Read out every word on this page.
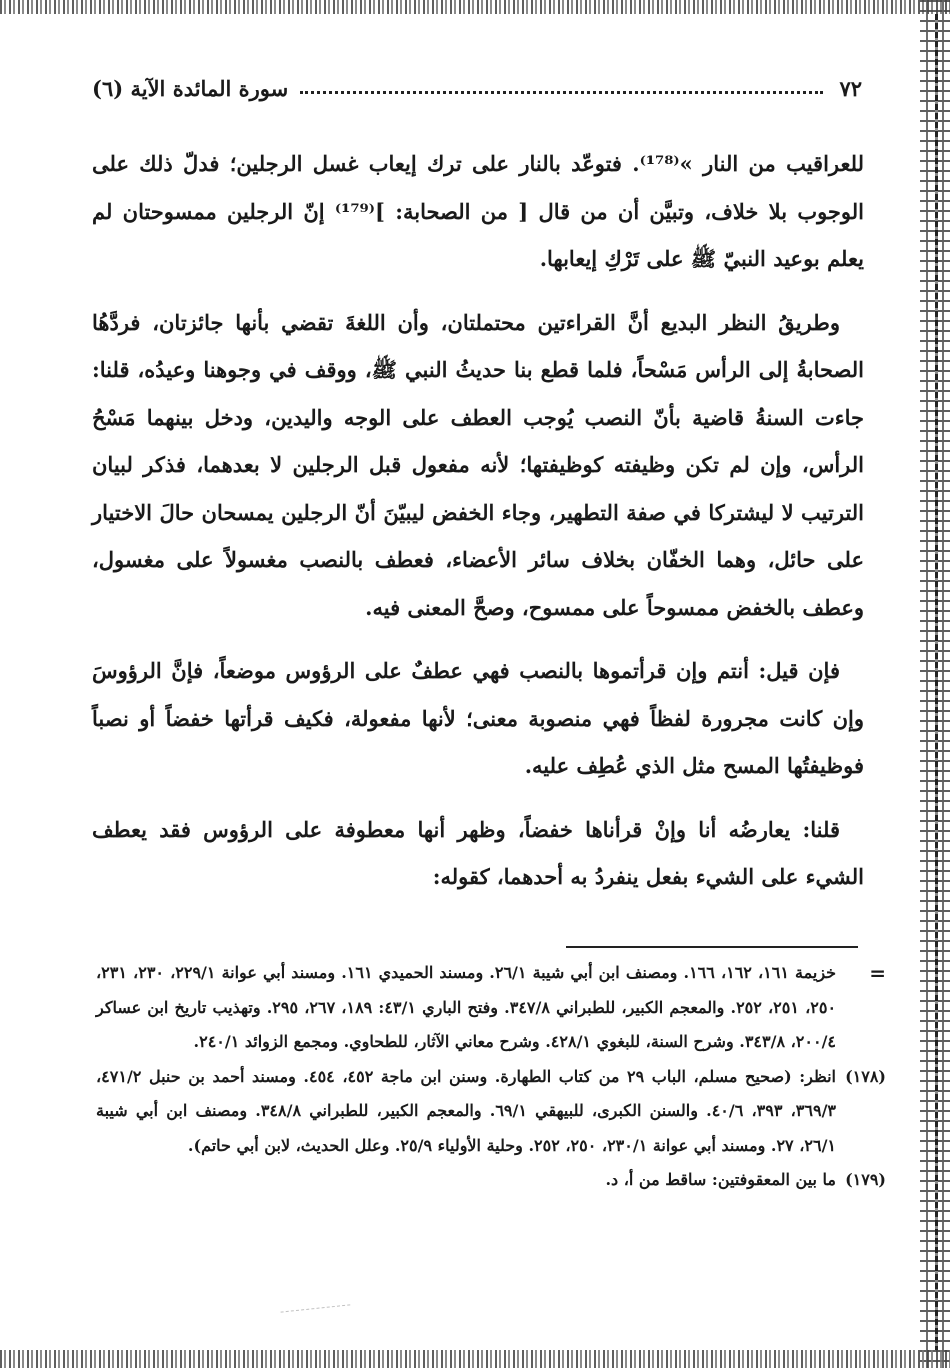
٧٢
سورة المائدة الآية (٦)

للعراقيب من النار »⁽¹⁷⁸⁾. فتوعّد بالنار على ترك إيعاب غسل الرجلين؛ فدلّ ذلك على الوجوب بلا خلاف، وتبيَّن أن من قال [ من الصحابة: ]⁽¹⁷⁹⁾ إنّ الرجلين ممسوحتان لم يعلم بوعيد النبيّ ﷺ على تَرْكِ إيعابها.

وطريقُ النظر البديع أنَّ القراءتين محتملتان، وأن اللغةَ تقضي بأنها جائزتان، فردَّهُا الصحابةُ إلى الرأس مَسْحاً، فلما قطع بنا حديثُ النبي ﷺ، ووقف في وجوهنا وعيدُه، قلنا: جاءت السنةُ قاضية بأنّ النصب يُوجب العطف على الوجه واليدين، ودخل بينهما مَسْحُ الرأس، وإن لم تكن وظيفته كوظيفتها؛ لأنه مفعول قبل الرجلين لا بعدهما، فذكر لبيان الترتيب لا ليشتركا في صفة التطهير، وجاء الخفض ليبيّنَ أنّ الرجلين يمسحان حالَ الاختيار على حائل، وهما الخفّان بخلاف سائر الأعضاء، فعطف بالنصب مغسولاً على مغسول، وعطف بالخفض ممسوحاً على ممسوح، وصحَّ المعنى فيه.

فإن قيل: أنتم وإن قرأتموها بالنصب فهي عطفٌ على الرؤوس موضعاً، فإنَّ الرؤوسَ وإن كانت مجرورة لفظاً فهي منصوبة معنى؛ لأنها مفعولة، فكيف قرأتها خفضاً أو نصباً فوظيفتُها المسح مثل الذي عُطِف عليه.

قلنا: يعارضُه أنا وإنْ قرأناها خفضاً، وظهر أنها معطوفة على الرؤوس فقد يعطف الشيء على الشيء بفعل ينفردُ به أحدهما، كقوله:

=
خزيمة ١٦١، ١٦٢، ١٦٦. ومصنف ابن أبي شيبة ٢٦/١. ومسند الحميدي ١٦١. ومسند أبي عوانة ٢٢٩/١، ٢٣٠، ٢٣١، ٢٥٠، ٢٥١، ٢٥٢. والمعجم الكبير، للطبراني ٣٤٧/٨. وفتح الباري ٤٣/١: ١٨٩، ٢٦٧، ٢٩٥. وتهذيب تاريخ ابن عساكر ٢٠٠/٤، ٣٤٣/٨. وشرح السنة، للبغوي ٤٢٨/١. وشرح معاني الآثار، للطحاوي. ومجمع الزوائد ٢٤٠/١.
(١٧٨)
انظر: (صحيح مسلم، الباب ٢٩ من كتاب الطهارة. وسنن ابن ماجة ٤٥٢، ٤٥٤. ومسند أحمد بن حنبل ٤٧١/٢، ٣٦٩/٣، ٣٩٣، ٤٠/٦. والسنن الكبرى، للبيهقي ٦٩/١. والمعجم الكبير، للطبراني ٣٤٨/٨. ومصنف ابن أبي شيبة ٢٦/١، ٢٧. ومسند أبي عوانة ٢٣٠/١، ٢٥٠، ٢٥٢. وحلية الأولياء ٢٥/٩. وعلل الحديث، لابن أبي حاتم).
(١٧٩)
ما بين المعقوفتين: ساقط من أ، د.
